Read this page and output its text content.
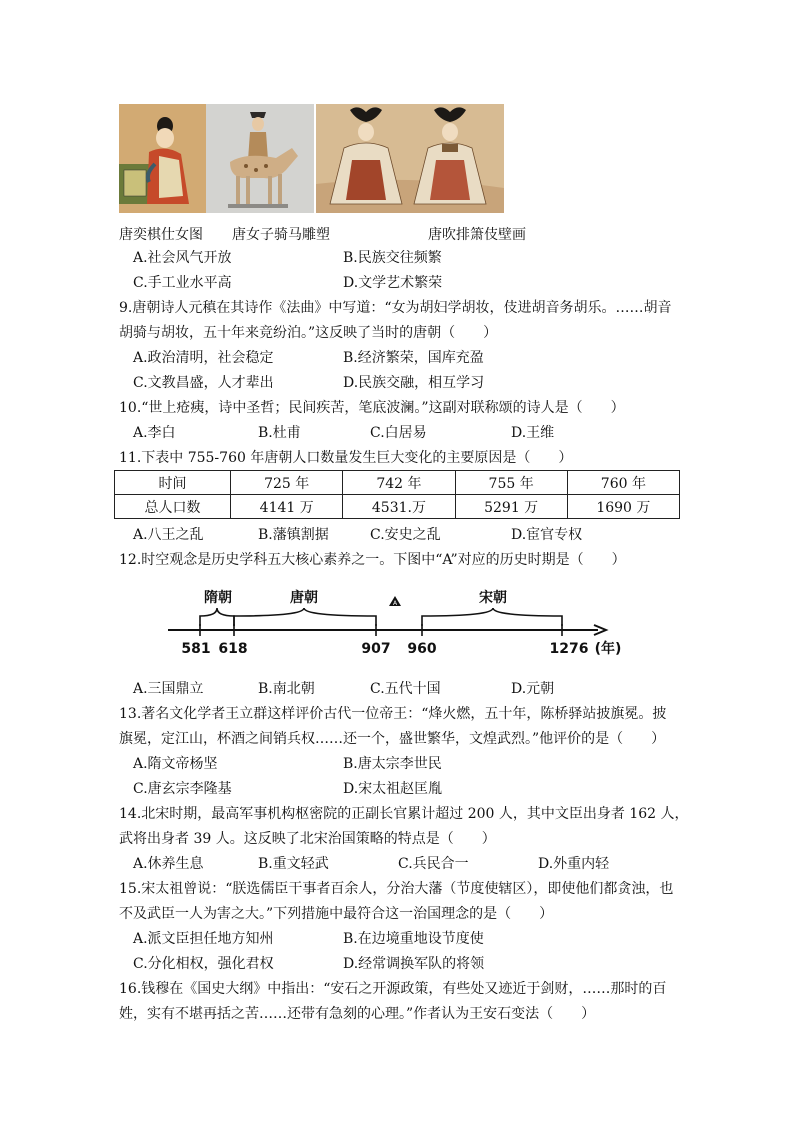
唐奕棋仕女图 唐女子骑马雕塑	唐吹排箫伎壁画
A.社会风气开放	B.民族交往频繁
C.手工业水平高	D.文学艺术繁荣
9.唐朝诗人元稹在其诗作《法曲》中写道：“女为胡妇学胡妆，伎进胡音务胡乐。……胡音
胡骑与胡妆，五十年来竞纷泊。”这反映了当时的唐朝（　　）
A.政治清明，社会稳定	B.经济繁荣，国库充盈
C.文教昌盛，人才辈出	D.民族交融，相互学习
10.“世上疮痍，诗中圣哲；民间疾苦，笔底波澜。”这副对联称颂的诗人是（　　）
A.李白	B.杜甫	C.白居易	D.王维
11.下表中 755-760 年唐朝人口数量发生巨大变化的主要原因是（　　）
时间	725 年	742 年	755 年	760 年
总人口数	4141 万	4531.万	5291 万	1690 万
A.八王之乱	B.藩镇割据	C.安史之乱	D.宦官专权
12.时空观念是历史学科五大核心素养之一。下图中“A”对应的历史时期是（　　）
隋朝	唐朝	宋朝
A
581 618	907 960	1276 (年)
A.三国鼎立	B.南北朝	C.五代十国	D.元朝
13.著名文化学者王立群这样评价古代一位帝王：“烽火燃，五十年，陈桥驿站披旗冕。披
旗冕，定江山，杯酒之间销兵权……还一个，盛世繁华，文煌武烈。”他评价的是（　　）
A.隋文帝杨坚	B.唐太宗李世民
C.唐玄宗李隆基	D.宋太祖赵匡胤
14.北宋时期，最高军事机构枢密院的正副长官累计超过 200 人，其中文臣出身者 162 人，
武将出身者 39 人。这反映了北宋治国策略的特点是（　　）
A.休养生息	B.重文轻武	C.兵民合一	D.外重内轻
15.宋太祖曾说：“朕选儒臣干事者百余人，分治大藩（节度使辖区），即使他们都贪浊，也
不及武臣一人为害之大。”下列措施中最符合这一治国理念的是（　　）
A.派文臣担任地方知州	B.在边境重地设节度使
C.分化相权，强化君权	D.经常调换军队的将领
16.钱穆在《国史大纲》中指出：“安石之开源政策，有些处又迹近于剑财，……那时的百
姓，实有不堪再括之苦……还带有急刻的心理。”作者认为王安石变法（　　）
